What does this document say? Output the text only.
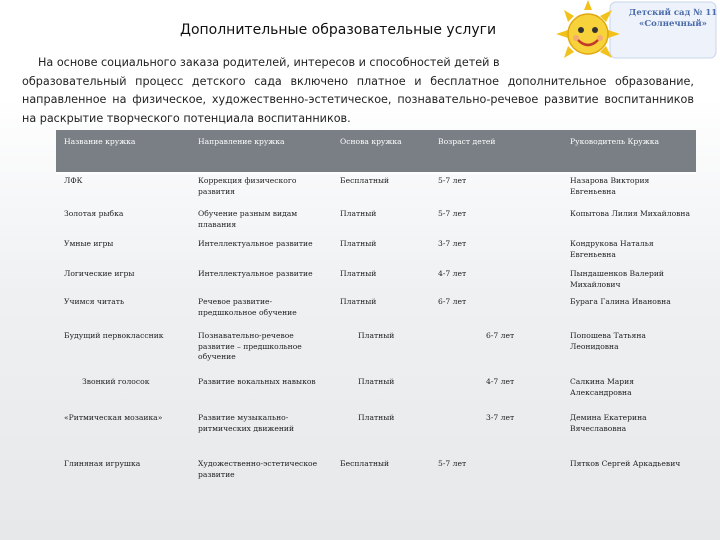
Детский сад № 11 «Солнечный»
Дополнительные образовательные услуги
На основе социального заказа родителей, интересов и способностей детей в
образовательный процесс детского сада включено платное и бесплатное дополнительное образование, направленное на физическое, художественно-эстетическое, познавательно-речевое развитие воспитанников на раскрытие творческого потенциала воспитанников.
Название кружка	Направление кружка	Основа кружка	Возраст детей	Руководитель Кружка
ЛФК	Коррекция физического развития	Бесплатный	5-7 лет	Назарова Виктория Евгеньевна
Золотая рыбка	Обучение разным видам плавания	Платный	5-7 лет	Копытова Лилия Михайловна
Умные игры	Интеллектуальное развитие	Платный	3-7 лет	Кондрукова Наталья Евгеньевна
Логические игры	Интеллектуальное развитие	Платный	4-7 лет	Пындашенков Валерий Михайлович
Учимся читать	Речевое развитие-предшкольное обучение	Платный	6-7 лет	Бурага Галина Ивановна
Будущий первоклассник	Познавательно-речевое развитие – предшкольное обучение	Платный	6-7 лет	Попошева Татьяна Леонидовна
Звонкий голосок	Развитие вокальных навыков	Платный	4-7 лет	Салкина Мария Александровна
«Ритмическая мозаика»	Развитие музыкально-ритмических движений	Платный	3-7 лет	Демина Екатерина Вячеславовна
Глиняная игрушка	Художественно-эстетическое развитие	Бесплатный	5-7 лет	Пятков Сергей Аркадьевич
